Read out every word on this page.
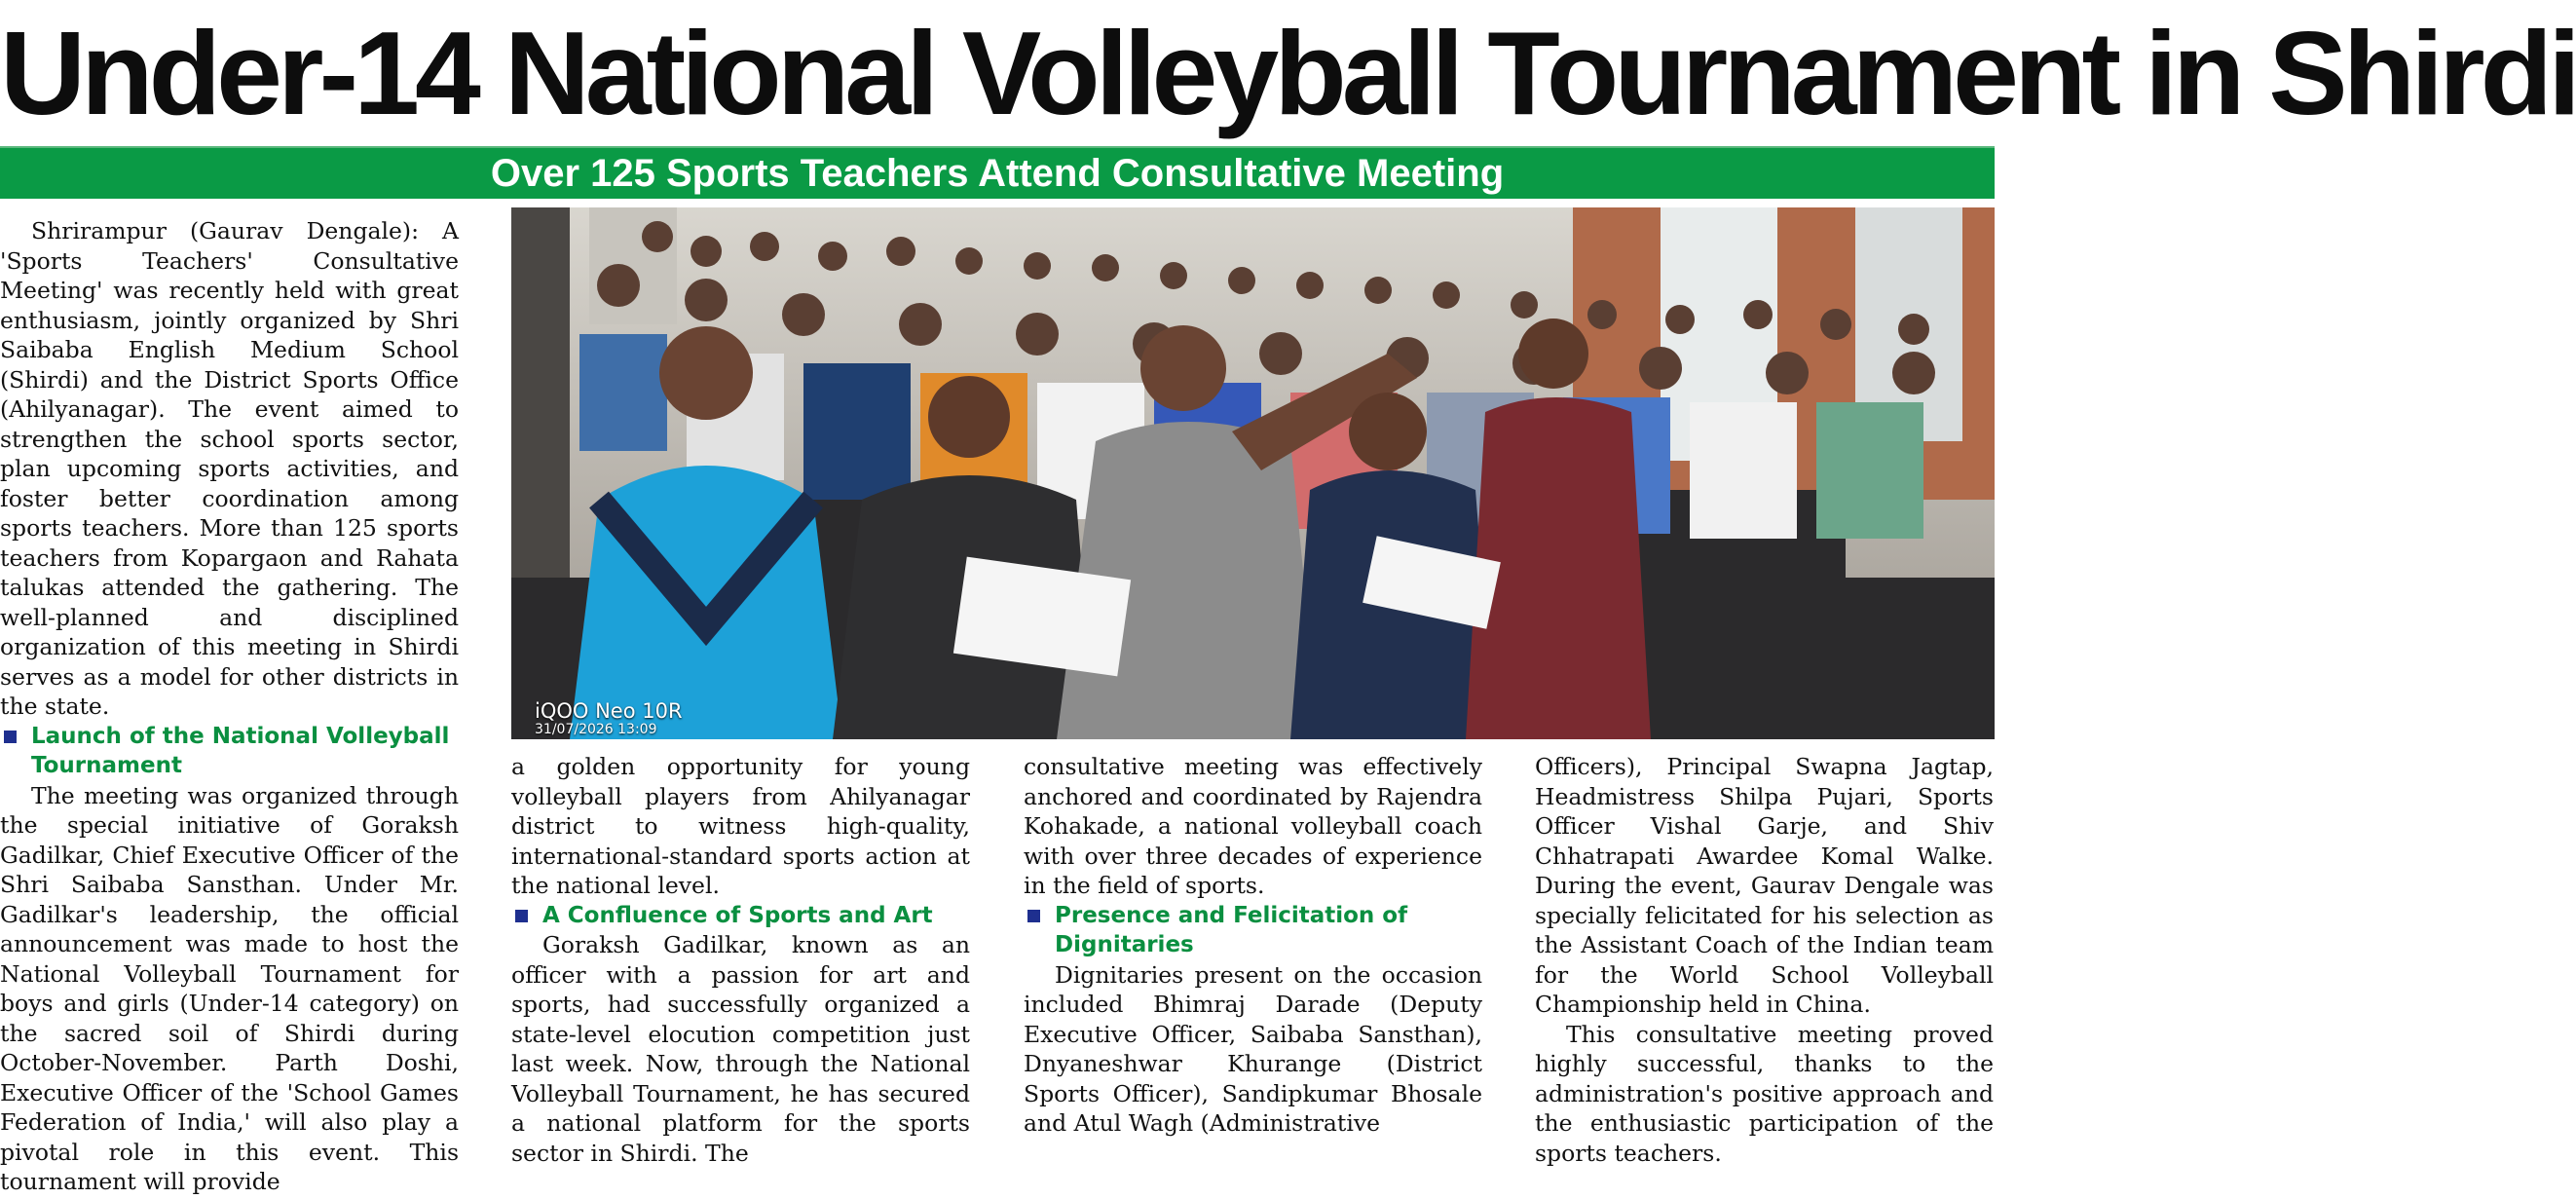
Under-14 National Volleyball Tournament in Shirdi
Over 125 Sports Teachers Attend Consultative Meeting
iQOO Neo 10R
31/07/2026 13:09

Shrirampur (Gaurav Dengale): A 'Sports Teachers' Consultative Meeting' was recently held with great enthusiasm, jointly organized by Shri Saibaba English Medium School (Shirdi) and the District Sports Office (Ahilyanagar). The event aimed to strengthen the school sports sector, plan upcoming sports activities, and foster better coordination among sports teachers. More than 125 sports teachers from Kopargaon and Rahata talukas attended the gathering. The well-planned and disciplined organization of this meeting in Shirdi serves as a model for other districts in the state.

Launch of the National Volleyball Tournament

The meeting was organized through the special initiative of Goraksh Gadilkar, Chief Executive Officer of the Shri Saibaba Sansthan. Under Mr. Gadilkar's leadership, the official announcement was made to host the National Volleyball Tournament for boys and girls (Under-14 category) on the sacred soil of Shirdi during October-November. Parth Doshi, Executive Officer of the 'School Games Federation of India,' will also play a pivotal role in this event. This tournament will provide

a golden opportunity for young volleyball players from Ahilyanagar district to witness high-quality, international-standard sports action at the national level.

A Confluence of Sports and Art

Goraksh Gadilkar, known as an officer with a passion for art and sports, had successfully organized a state-level elocution competition just last week. Now, through the National Volleyball Tournament, he has secured a national platform for the sports sector in Shirdi. The

consultative meeting was effectively anchored and coordinated by Rajendra Kohakade, a national volleyball coach with over three decades of experience in the field of sports.

Presence and Felicitation of Dignitaries

Dignitaries present on the occasion included Bhimraj Darade (Deputy Executive Officer, Saibaba Sansthan), Dnyaneshwar Khurange (District Sports Officer), Sandipkumar Bhosale and Atul Wagh (Administrative

Officers), Principal Swapna Jagtap, Headmistress Shilpa Pujari, Sports Officer Vishal Garje, and Shiv Chhatrapati Awardee Komal Walke. During the event, Gaurav Dengale was specially felicitated for his selection as the Assistant Coach of the Indian team for the World School Volleyball Championship held in China.

This consultative meeting proved highly successful, thanks to the administration's positive approach and the enthusiastic participation of the sports teachers.
